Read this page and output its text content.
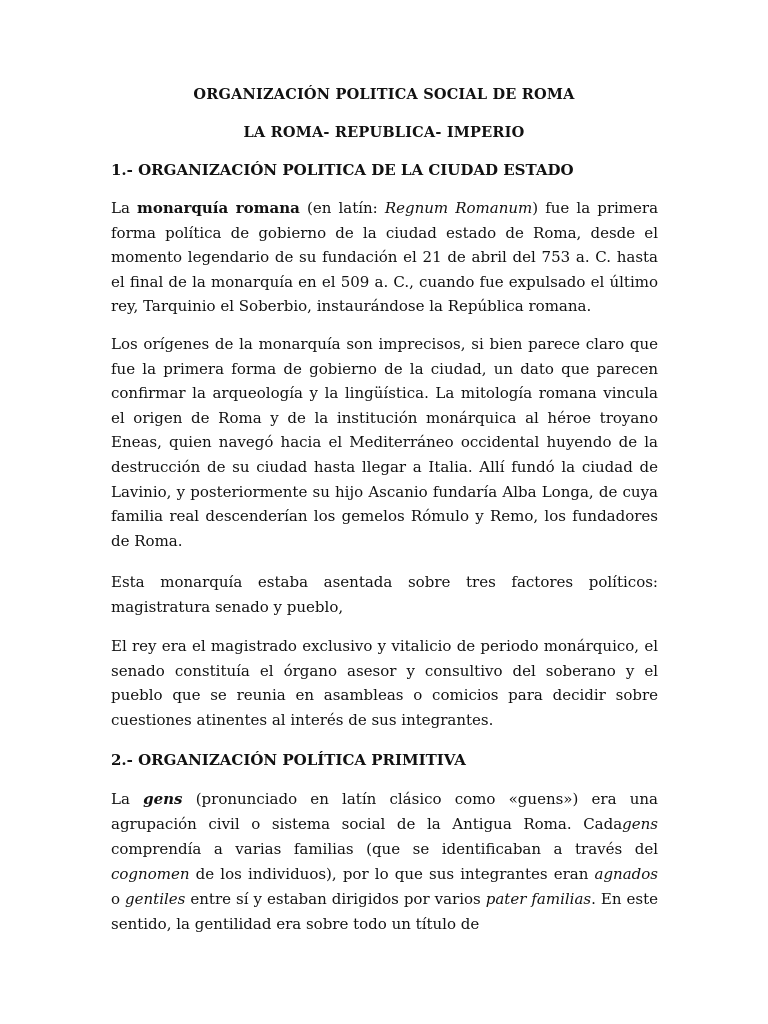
ORGANIZACIÓN POLITICA SOCIAL DE ROMA
LA ROMA- REPUBLICA- IMPERIO
1.- ORGANIZACIÓN POLITICA DE LA CIUDAD ESTADO

La monarquía romana (en latín: Regnum Romanum) fue la primera forma política de gobierno de la ciudad estado de Roma, desde el momento legendario de su fundación el 21 de abril del 753 a. C. hasta el final de la monarquía en el 509 a. C., cuando fue expulsado el último rey, Tarquinio el Soberbio, instaurándose la República romana.

Los orígenes de la monarquía son imprecisos, si bien parece claro que fue la primera forma de gobierno de la ciudad, un dato que parecen confirmar la arqueología y la lingüística. La mitología romana vincula el origen de Roma y de la institución monárquica al héroe troyano Eneas, quien navegó hacia el Mediterráneo occidental huyendo de la destrucción de su ciudad hasta llegar a Italia. Allí fundó la ciudad de Lavinio, y posteriormente su hijo Ascanio fundaría Alba Longa, de cuya familia real descenderían los gemelos Rómulo y Remo, los fundadores de Roma.

Esta monarquía estaba asentada sobre tres factores políticos: magistratura senado y pueblo,

El rey era el magistrado exclusivo y vitalicio de periodo monárquico, el senado constituía el órgano asesor y consultivo del soberano y el pueblo que se reunia en asambleas o comicios para decidir sobre cuestiones atinentes al interés de sus integrantes.

2.- ORGANIZACIÓN POLÍTICA PRIMITIVA

La gens (pronunciado en latín clásico como «guens») era una agrupación civil o sistema social de la Antigua Roma. Cadagens comprendía a varias familias (que se identificaban a través del cognomen de los individuos), por lo que sus integrantes eran agnados o gentiles entre sí y estaban dirigidos por varios pater familias. En este sentido, la gentilidad era sobre todo un título de
